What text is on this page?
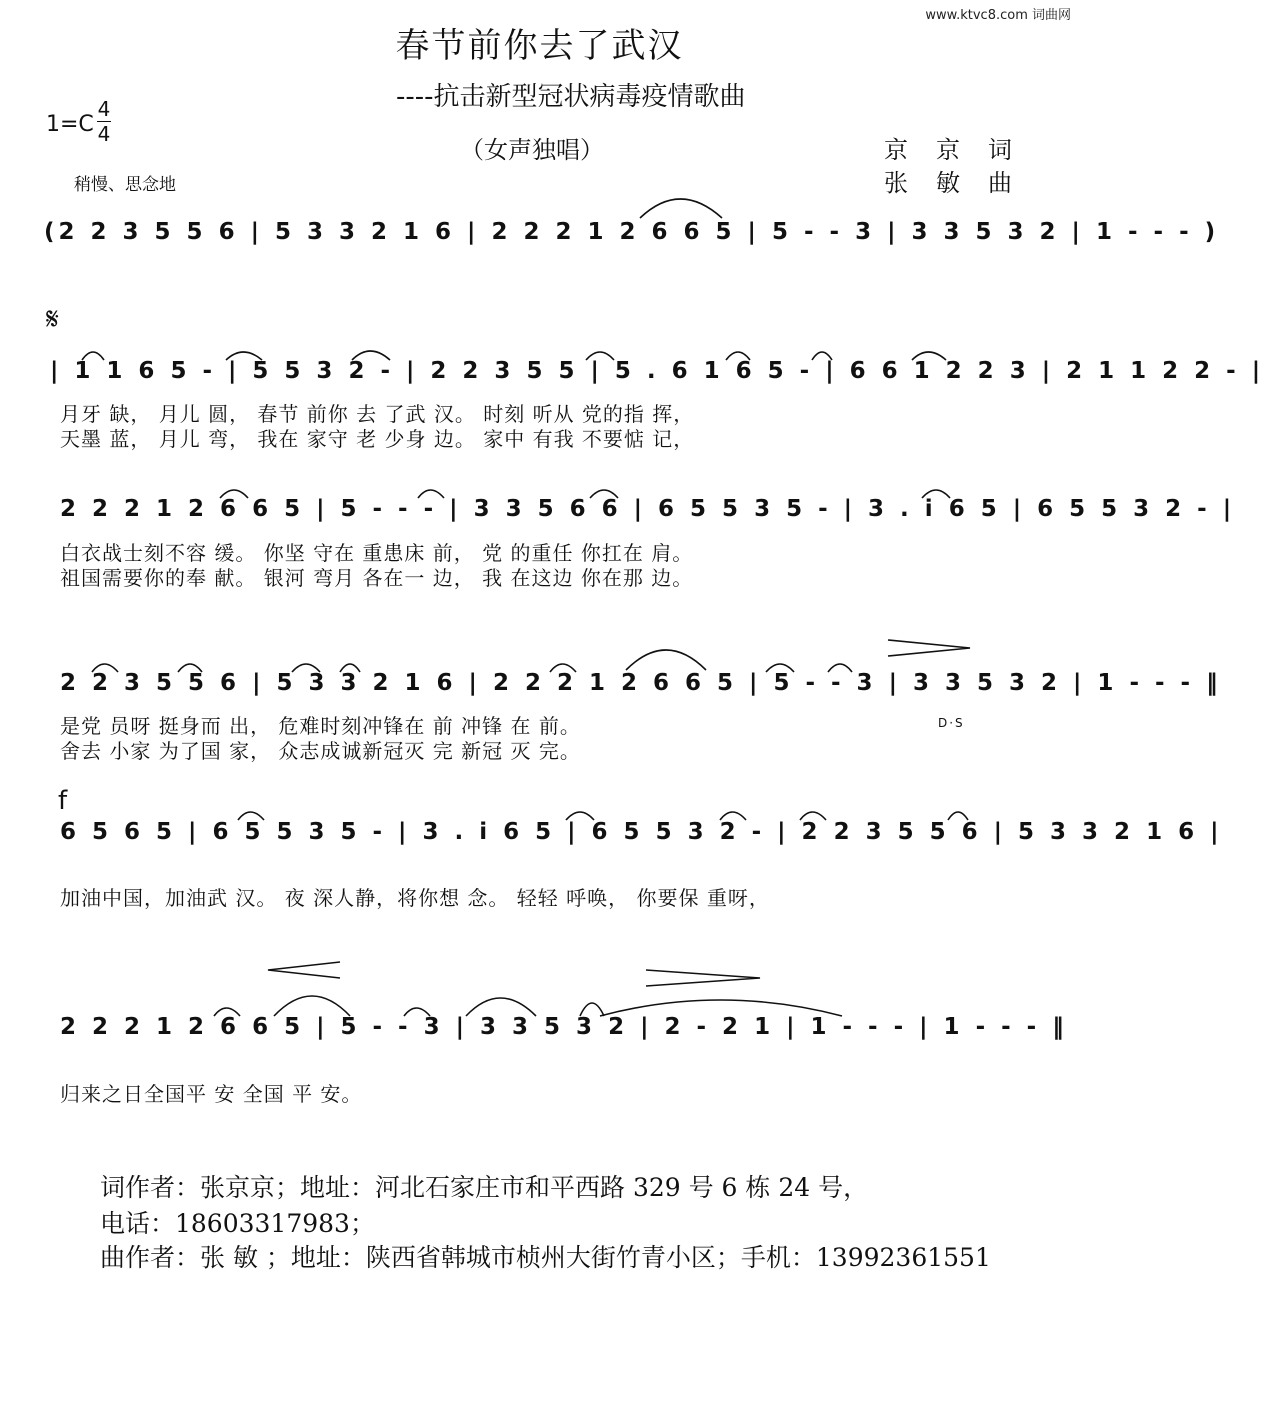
www.ktvc8.com 词曲网
春节前你去了武汉
----抗击新型冠状病毒疫情歌曲
1=C
4
4
稍慢、思念地
（女声独唱）	京京词
张敏曲
(2 2 3 5 5 6 | 5 3 3 2 1 6 | 2 2 2 1 2 6 6 5 | 5 - - 3 | 3 3 5 3 2 | 1 - - - )
𝄋
| 1 1 6 5 - | 5 5 3 2 - | 2 2 3 5 5 | 5 . 6 1 6 5 - | 6 6 1 2 2 3 | 2 1 1 2 2 - |
月牙 缺， 月儿 圆， 春节 前你 去 了武 汉。 时刻 听从 党的指 挥，
天墨 蓝， 月儿 弯， 我在 家守 老 少身 边。 家中 有我 不要惦 记，
2 2 2 1 2 6 6 5 | 5 - - - | 3 3 5 6 6 | 6 5 5 3 5 - | 3 . i 6 5 | 6 5 5 3 2 - |
白衣战士刻不容 缓。 你坚 守在 重患床 前， 党 的重任 你扛在 肩。
祖国需要你的奉 献。 银河 弯月 各在一 边， 我 在这边 你在那 边。
2 2 3 5 5 6 | 5 3 3 2 1 6 | 2 2 2 1 2 6 6 5 | 5 - - 3 | 3 3 5 3 2 | 1 - - - ‖
是党 员呀 挺身而 出， 危难时刻冲锋在 前 冲锋 在 前。
舍去 小家 为了国 家， 众志成诚新冠灭 完 新冠 灭 完。
D·S
f
6 5 6 5 | 6 5 5 3 5 - | 3 . i 6 5 | 6 5 5 3 2 - | 2 2 3 5 5 6 | 5 3 3 2 1 6 |
加油中国，加油武 汉。 夜 深人静，将你想 念。 轻轻 呼唤， 你要保 重呀，
2 2 2 1 2 6 6 5 | 5 - - 3 | 3 3 5 3 2 | 2 - 2 1 | 1 - - - | 1 - - - ‖
归来之日全国平 安 全国 平 安。
词作者：张京京；地址：河北石家庄市和平西路 329 号 6 栋 24 号，
电话：18603317983；
曲作者：张 敏 ；地址：陕西省韩城市桢州大街竹青小区；手机：13992361551
